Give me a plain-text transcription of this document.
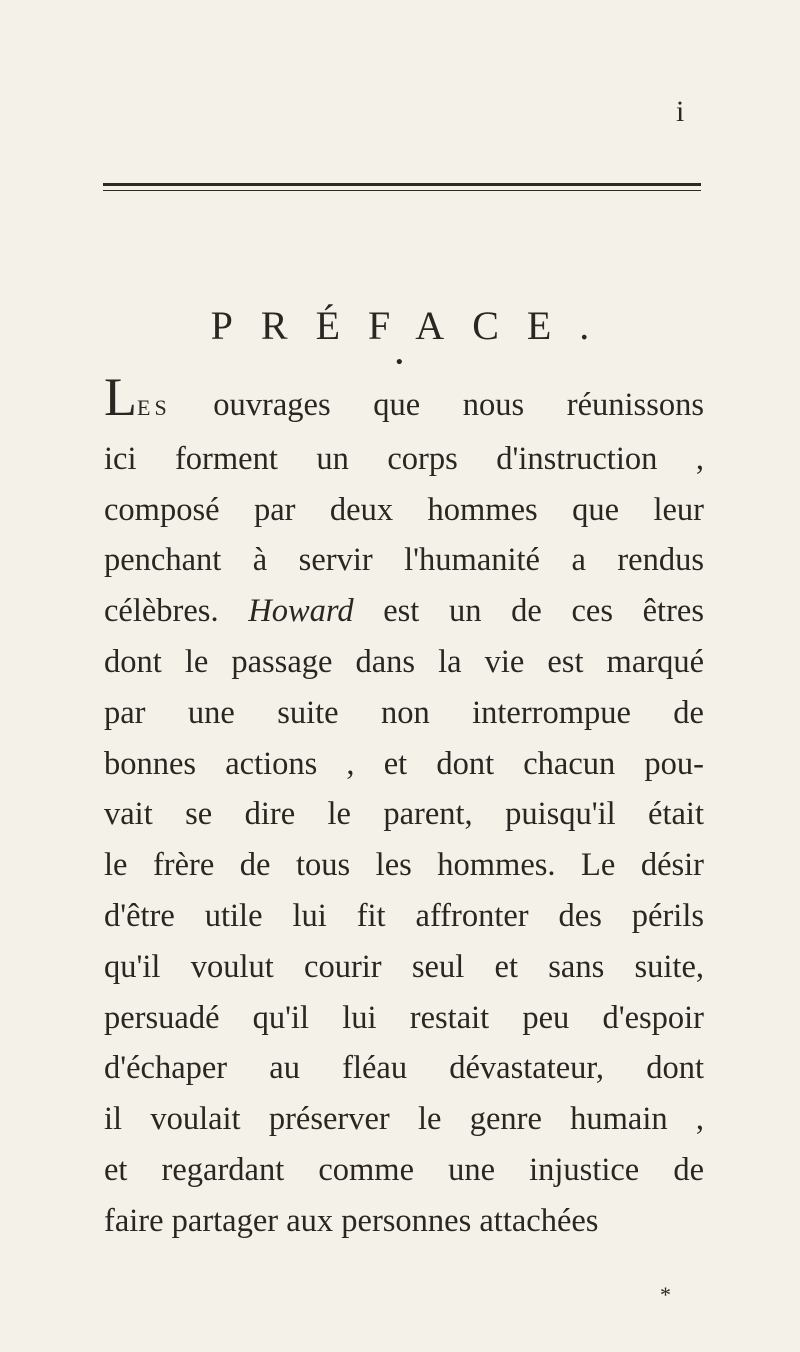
i
PRÉFACE.
•
LES ouvrages que nous réunissons
ici forment un corps d'instruction ,
composé par deux hommes que leur
penchant à servir l'humanité a rendus
célèbres. Howard est un de ces êtres
dont le passage dans la vie est marqué
par une suite non interrompue de
bonnes actions , et dont chacun pou-
vait se dire le parent, puisqu'il était
le frère de tous les hommes. Le désir
d'être utile lui fit affronter des périls
qu'il voulut courir seul et sans suite,
persuadé qu'il lui restait peu d'espoir
d'échaper au fléau dévastateur, dont
il voulait préserver le genre humain ,
et regardant comme une injustice de
faire partager aux personnes attachées
*
